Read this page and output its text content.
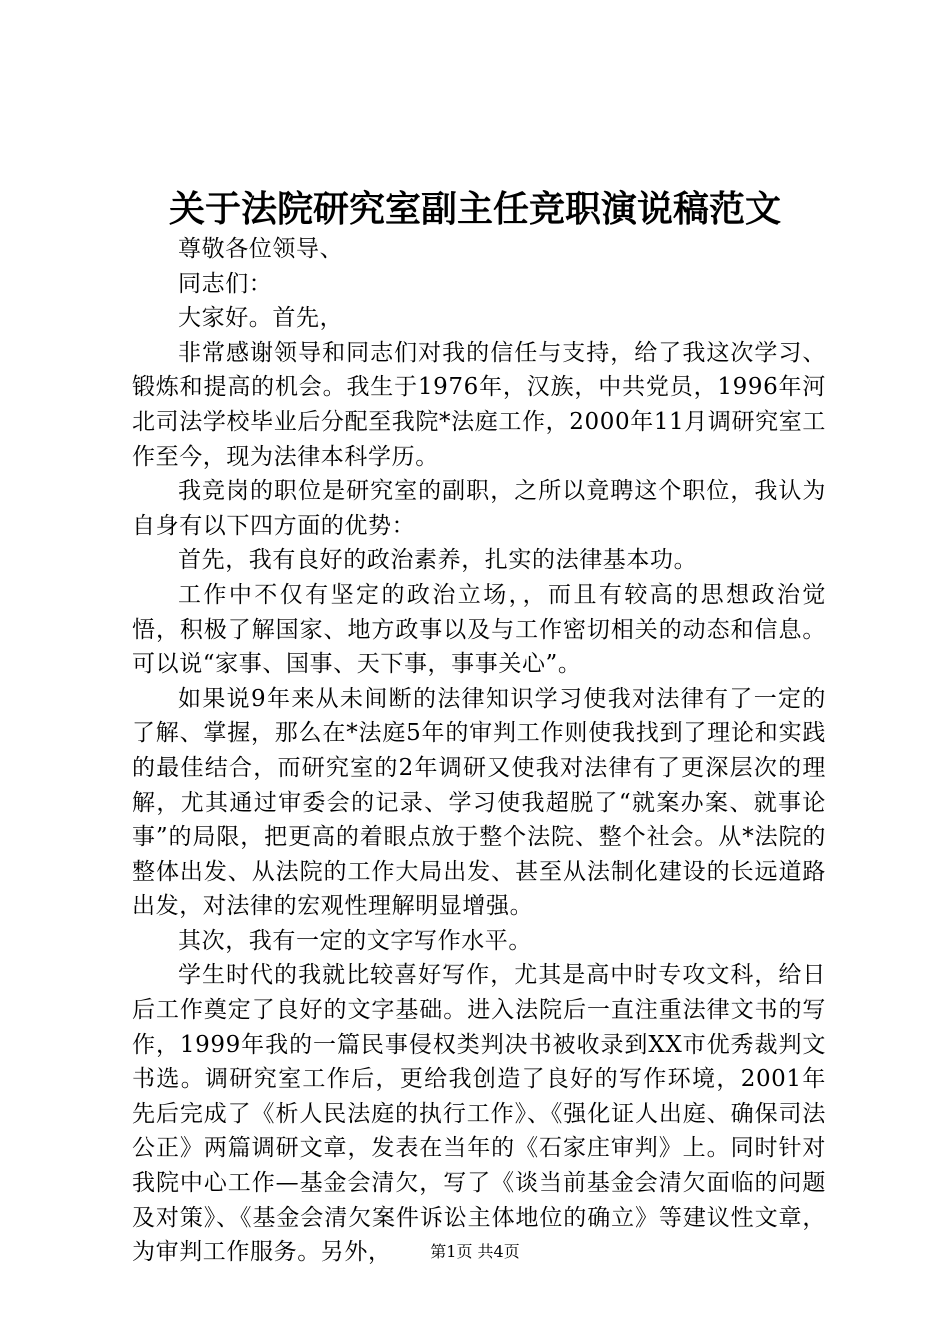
关于法院研究室副主任竞职演说稿范文

尊敬各位领导、

同志们：

大家好。首先，

非常感谢领导和同志们对我的信任与支持，给了我这次学习、锻炼和提高的机会。我生于1976年，汉族，中共党员，1996年河北司法学校毕业后分配至我院*法庭工作，2000年11月调研究室工作至今，现为法律本科学历。

我竞岗的职位是研究室的副职，之所以竟聘这个职位，我认为自身有以下四方面的优势：

首先，我有良好的政治素养，扎实的法律基本功。

工作中不仅有坚定的政治立场，，而且有较高的思想政治觉悟，积极了解国家、地方政事以及与工作密切相关的动态和信息。可以说“家事、国事、天下事，事事关心”。

如果说9年来从未间断的法律知识学习使我对法律有了一定的了解、掌握，那么在*法庭5年的审判工作则使我找到了理论和实践的最佳结合，而研究室的2年调研又使我对法律有了更深层次的理解，尤其通过审委会的记录、学习使我超脱了“就案办案、就事论事”的局限，把更高的着眼点放于整个法院、整个社会。从*法院的整体出发、从法院的工作大局出发、甚至从法制化建设的长远道路出发，对法律的宏观性理解明显增强。

其次，我有一定的文字写作水平。

学生时代的我就比较喜好写作，尤其是高中时专攻文科，给日后工作奠定了良好的文字基础。进入法院后一直注重法律文书的写作，1999年我的一篇民事侵权类判决书被收录到XX市优秀裁判文书选。调研究室工作后，更给我创造了良好的写作环境，2001年先后完成了《析人民法庭的执行工作》、《强化证人出庭、确保司法公正》两篇调研文章，发表在当年的《石家庄审判》上。同时针对我院中心工作—基金会清欠，写了《谈当前基金会清欠面临的问题及对策》、《基金会清欠案件诉讼主体地位的确立》等建议性文章，为审判工作服务。另外，	第1页 共4页
